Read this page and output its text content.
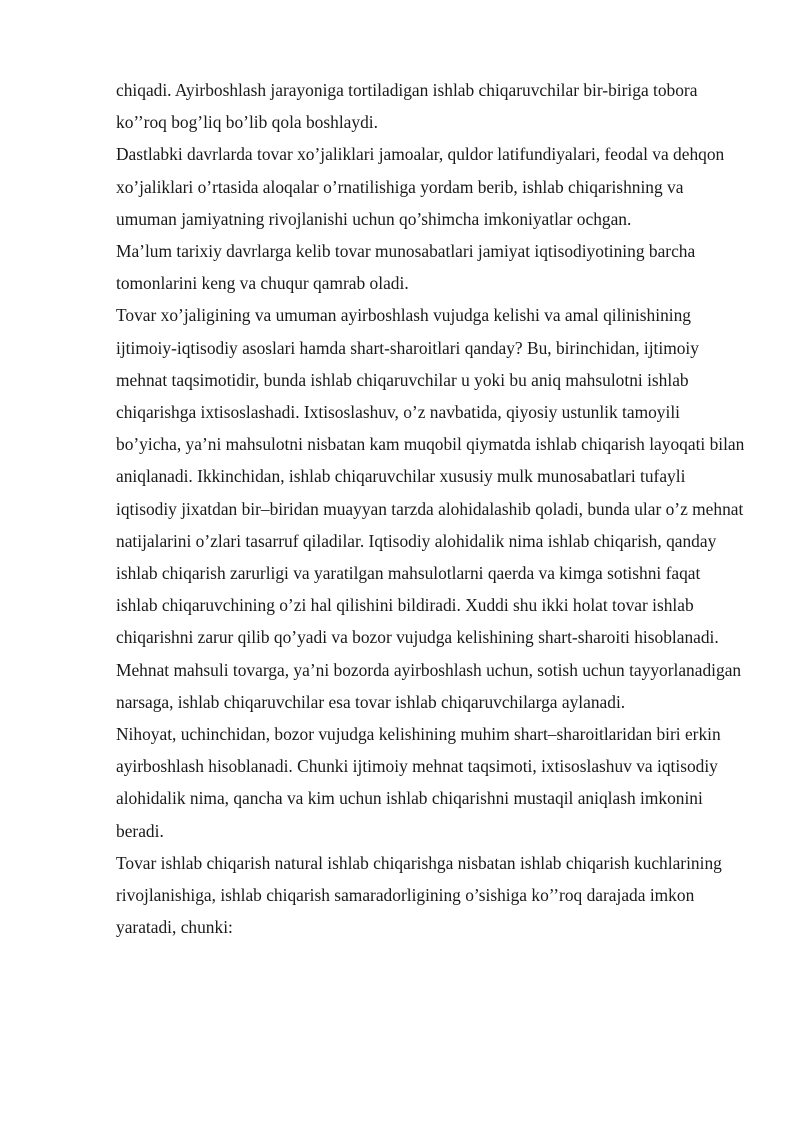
chiqadi. Ayirboshlash jarayoniga tortiladigan ishlab chiqaruvchilar bir-biriga tobora ko’’roq bog’liq bo’lib qola boshlaydi.

Dastlabki davrlarda tovar xo’jaliklari jamoalar, quldor latifundiyalari, feodal va dehqon xo’jaliklari o’rtasida aloqalar o’rnatilishiga yordam berib, ishlab chiqarishning va umuman jamiyatning rivojlanishi uchun qo’shimcha imkoniyatlar ochgan.

Ma’lum tarixiy davrlarga kelib tovar munosabatlari jamiyat iqtisodiyotining barcha tomonlarini keng va chuqur qamrab oladi.

Tovar xo’jaligining va umuman ayirboshlash vujudga kelishi va amal qilinishining ijtimoiy-iqtisodiy asoslari hamda shart-sharoitlari qanday? Bu, birinchidan, ijtimoiy mehnat taqsimotidir, bunda ishlab chiqaruvchilar u yoki bu aniq mahsulotni ishlab chiqarishga ixtisoslashadi. Ixtisoslashuv, o’z navbatida, qiyosiy ustunlik tamoyili bo’yicha, ya’ni mahsulotni nisbatan kam muqobil qiymatda ishlab chiqarish layoqati bilan aniqlanadi. Ikkinchidan, ishlab chiqaruvchilar xususiy mulk munosabatlari tufayli iqtisodiy jixatdan bir–biridan muayyan tarzda alohidalashib qoladi, bunda ular o’z mehnat natijalarini o’zlari tasarruf qiladilar. Iqtisodiy alohidalik nima ishlab chiqarish, qanday ishlab chiqarish zarurligi va yaratilgan mahsulotlarni qaerda va kimga sotishni faqat ishlab chiqaruvchining o’zi hal qilishini bildiradi. Xuddi shu ikki holat tovar ishlab chiqarishni zarur qilib qo’yadi va bozor vujudga kelishining shart-sharoiti hisoblanadi. Mehnat mahsuli tovarga, ya’ni bozorda ayirboshlash uchun, sotish uchun tayyorlanadigan narsaga, ishlab chiqaruvchilar esa tovar ishlab chiqaruvchilarga aylanadi.

Nihoyat, uchinchidan, bozor vujudga kelishining muhim shart–sharoitlaridan biri erkin ayirboshlash hisoblanadi. Chunki ijtimoiy mehnat taqsimoti, ixtisoslashuv va iqtisodiy alohidalik nima, qancha va kim uchun ishlab chiqarishni mustaqil aniqlash imkonini beradi.

Tovar ishlab chiqarish natural ishlab chiqarishga nisbatan ishlab chiqarish kuchlarining rivojlanishiga, ishlab chiqarish samaradorligining o’sishiga ko’’roq darajada imkon yaratadi, chunki:
